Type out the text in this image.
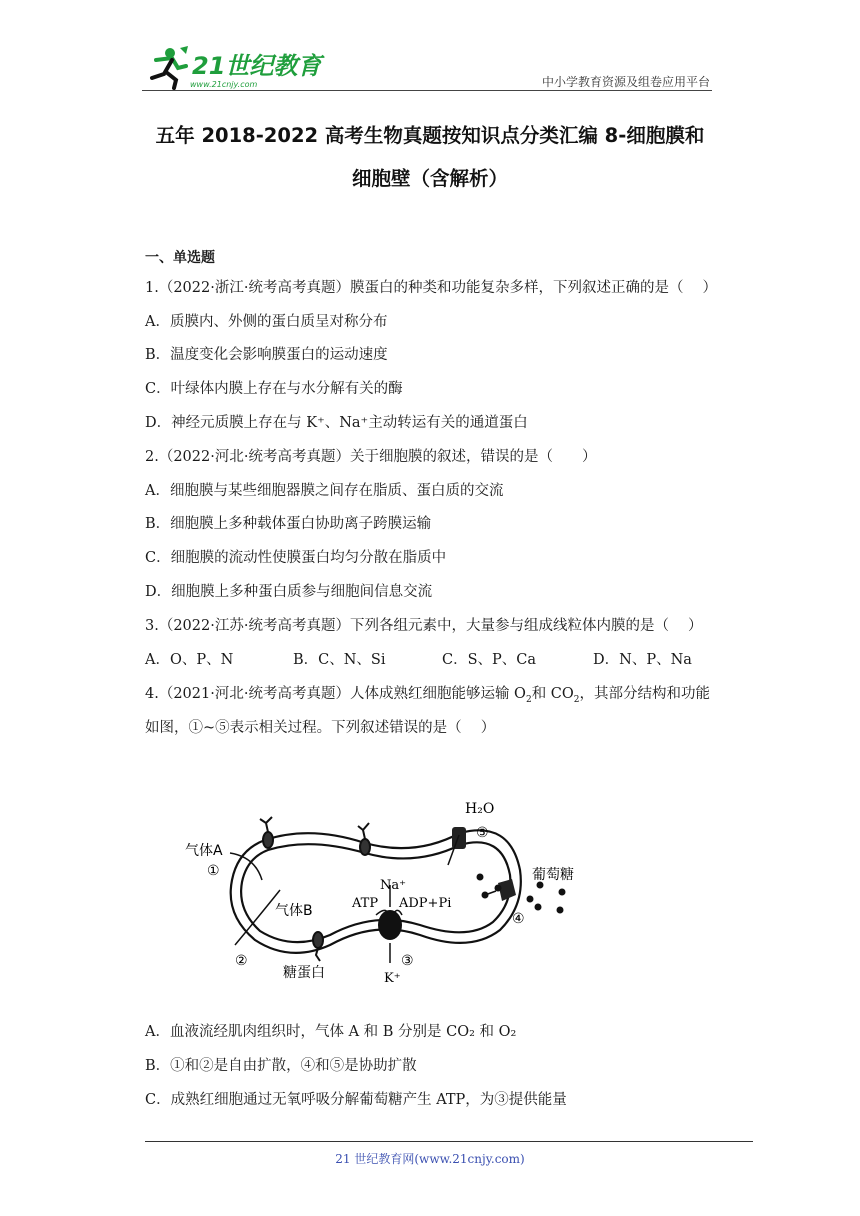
21世纪教育
www.21cnjy.com	中小学教育资源及组卷应用平台
五年 2018-2022 高考生物真题按知识点分类汇编 8-细胞膜和
细胞壁（含解析）
一、单选题
1.（2022·浙江·统考高考真题）膜蛋白的种类和功能复杂多样，下列叙述正确的是（　 ）
A．质膜内、外侧的蛋白质呈对称分布
B．温度变化会影响膜蛋白的运动速度
C．叶绿体内膜上存在与水分解有关的酶
D．神经元质膜上存在与 K⁺、Na⁺主动转运有关的通道蛋白
2.（2022·河北·统考高考真题）关于细胞膜的叙述，错误的是（　　）
A．细胞膜与某些细胞器膜之间存在脂质、蛋白质的交流
B．细胞膜上多种载体蛋白协助离子跨膜运输
C．细胞膜的流动性使膜蛋白均匀分散在脂质中
D．细胞膜上多种蛋白质参与细胞间信息交流
3.（2022·江苏·统考高考真题）下列各组元素中，大量参与组成线粒体内膜的是（　 ）
A．O、P、N	B．C、N、Si	C．S、P、Ca	D．N、P、Na
4.（2021·河北·统考高考真题）人体成熟红细胞能够运输 $O_2$和 $CO_2$，其部分结构和功能
如图，①~⑤表示相关过程。下列叙述错误的是（　 ）
气体A
①
气体B
②
糖蛋白
H₂O
⑤
葡萄糖
④
Na⁺
ATP ADP+Pi
③
K⁺
A．血液流经肌肉组织时，气体 A 和 B 分别是 CO₂ 和 O₂
B．①和②是自由扩散，④和⑤是协助扩散
C．成熟红细胞通过无氧呼吸分解葡萄糖产生 ATP，为③提供能量
21 世纪教育网(www.21cnjy.com)
